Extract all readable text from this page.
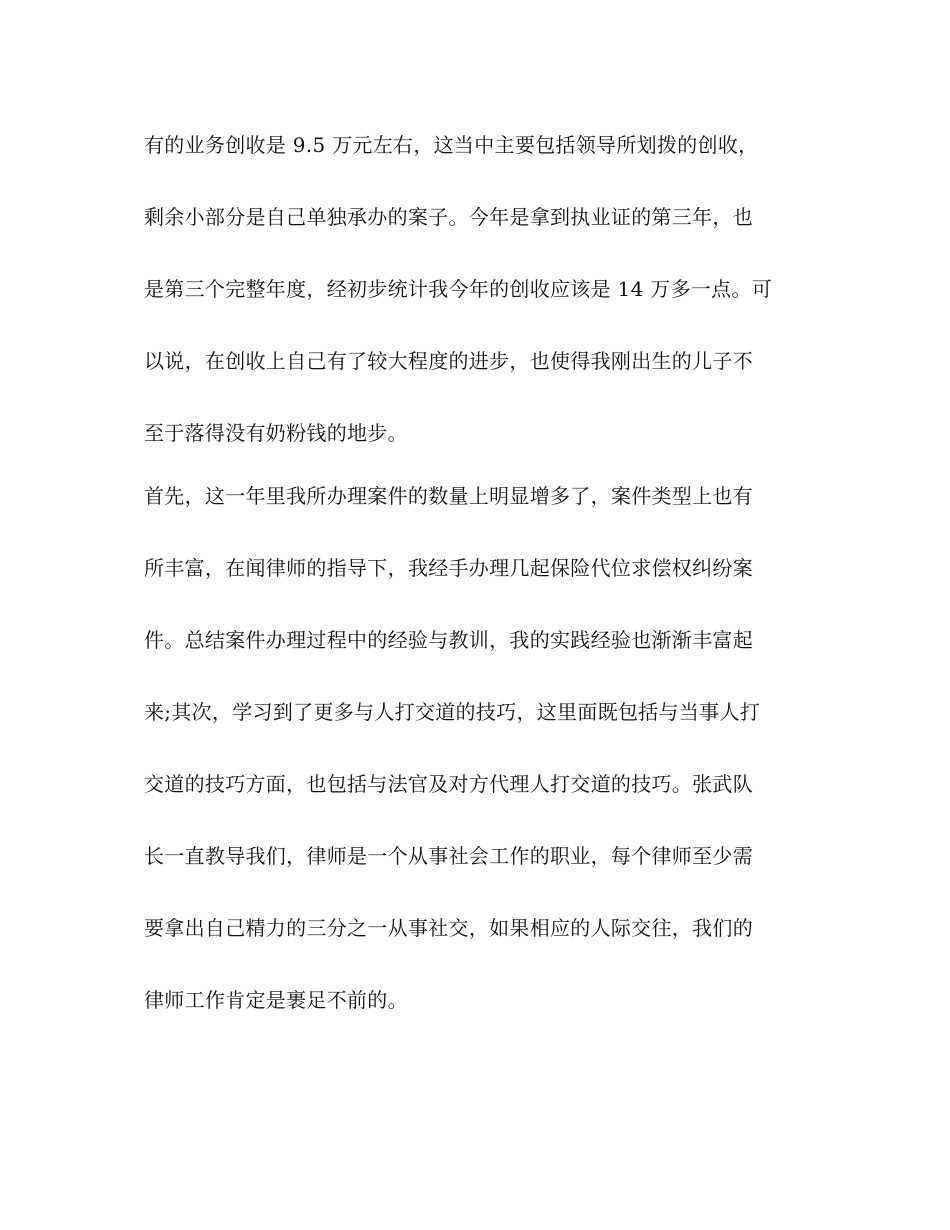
有的业务创收是 9.5 万元左右，这当中主要包括领导所划拨的创收，

剩余小部分是自己单独承办的案子。今年是拿到执业证的第三年，也

是第三个完整年度，经初步统计我今年的创收应该是 14 万多一点。可

以说，在创收上自己有了较大程度的进步，也使得我刚出生的儿子不

至于落得没有奶粉钱的地步。

首先，这一年里我所办理案件的数量上明显增多了，案件类型上也有

所丰富，在闻律师的指导下，我经手办理几起保险代位求偿权纠纷案

件。总结案件办理过程中的经验与教训，我的实践经验也渐渐丰富起

来;其次，学习到了更多与人打交道的技巧，这里面既包括与当事人打

交道的技巧方面，也包括与法官及对方代理人打交道的技巧。张武队

长一直教导我们，律师是一个从事社会工作的职业，每个律师至少需

要拿出自己精力的三分之一从事社交，如果相应的人际交往，我们的

律师工作肯定是裹足不前的。
